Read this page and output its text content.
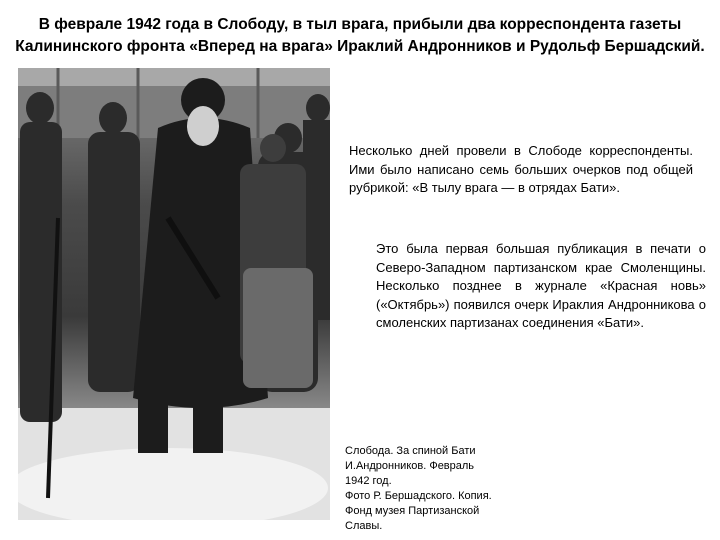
В феврале 1942 года в Слободу, в тыл врага, прибыли два корреспондента газеты Калининского фронта «Вперед на врага» Ираклий Андронников и Рудольф Бершадский.
Несколько дней провели в Слободе корреспонденты. Ими было написано семь больших очерков под общей рубрикой: «В тылу врага — в отрядах Бати».
Это была первая большая публикация в печати о Северо-Западном партизанском крае Смоленщины. Несколько позднее в журнале «Красная новь» («Октябрь») появился очерк Ираклия Андронникова о смоленских партизанах соединения «Бати».
Слобода. За спиной Бати
И.Андронников. Февраль
1942 год.
Фото Р. Бершадского. Копия.
Фонд музея Партизанской
Славы.
